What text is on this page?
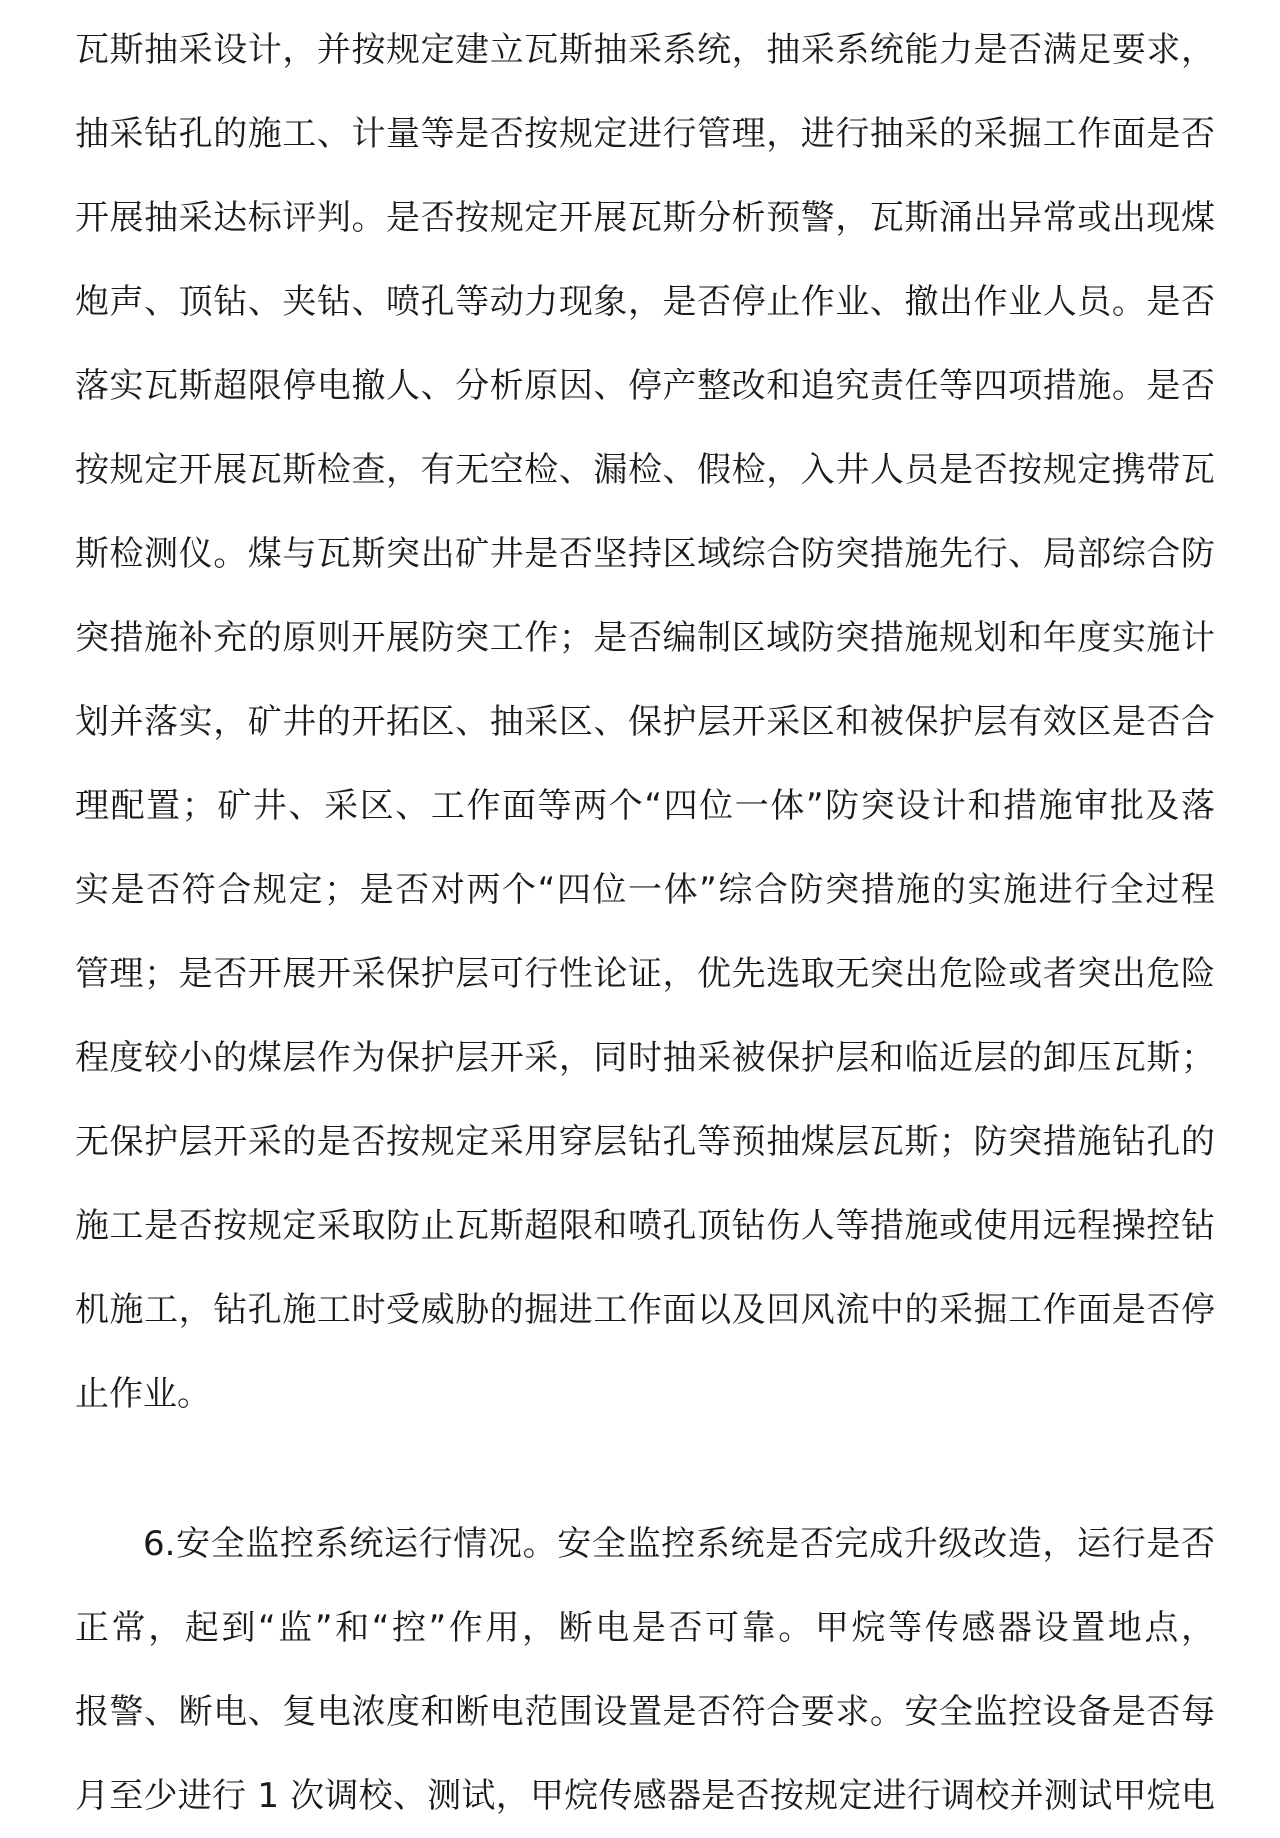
瓦斯抽采设计，并按规定建立瓦斯抽采系统，抽采系统能力是否满足要求，
抽采钻孔的施工、计量等是否按规定进行管理，进行抽采的采掘工作面是否
开展抽采达标评判。是否按规定开展瓦斯分析预警，瓦斯涌出异常或出现煤
炮声、顶钻、夹钻、喷孔等动力现象，是否停止作业、撤出作业人员。是否
落实瓦斯超限停电撤人、分析原因、停产整改和追究责任等四项措施。是否
按规定开展瓦斯检查，有无空检、漏检、假检，入井人员是否按规定携带瓦
斯检测仪。煤与瓦斯突出矿井是否坚持区域综合防突措施先行、局部综合防
突措施补充的原则开展防突工作；是否编制区域防突措施规划和年度实施计
划并落实，矿井的开拓区、抽采区、保护层开采区和被保护层有效区是否合
理配置；矿井、采区、工作面等两个“四位一体”防突设计和措施审批及落
实是否符合规定；是否对两个“四位一体”综合防突措施的实施进行全过程
管理；是否开展开采保护层可行性论证，优先选取无突出危险或者突出危险
程度较小的煤层作为保护层开采，同时抽采被保护层和临近层的卸压瓦斯；
无保护层开采的是否按规定采用穿层钻孔等预抽煤层瓦斯；防突措施钻孔的
施工是否按规定采取防止瓦斯超限和喷孔顶钻伤人等措施或使用远程操控钻
机施工，钻孔施工时受威胁的掘进工作面以及回风流中的采掘工作面是否停
止作业。
6.安全监控系统运行情况。安全监控系统是否完成升级改造，运行是否
正常，起到“监”和“控”作用，断电是否可靠。甲烷等传感器设置地点，
报警、断电、复电浓度和断电范围设置是否符合要求。安全监控设备是否每
月至少进行 1 次调校、测试，甲烷传感器是否按规定进行调校并测试甲烷电
